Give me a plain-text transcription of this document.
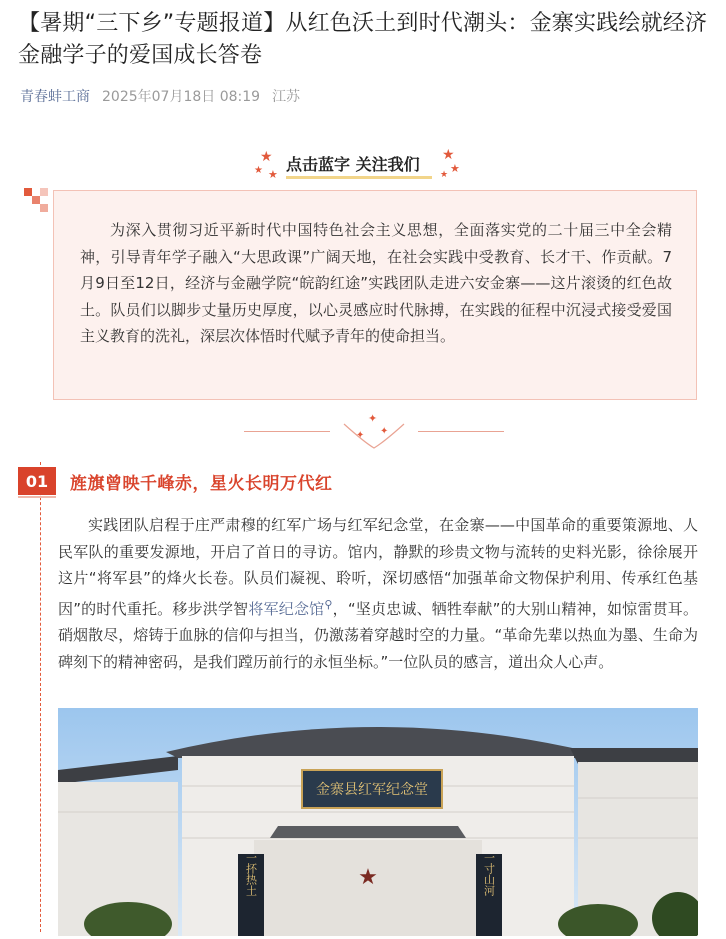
【暑期“三下乡”专题报道】从红色沃土到时代潮头：金寨实践绘就经济金融学子的爱国成长答卷
青春蚌工商 2025年07月18日 08:19 江苏
★
★ ★
点击蓝字 关注我们 ★
★
★

为深入贯彻习近平新时代中国特色社会主义思想，全面落实党的二十届三中全会精神，引导青年学子融入“大思政课”广阔天地，在社会实践中受教育、长才干、作贡献。7月9日至12日，经济与金融学院“皖韵红途”实践团队走进六安金寨——这片滚烫的红色故土。队员们以脚步丈量历史厚度，以心灵感应时代脉搏，在实践的征程中沉浸式接受爱国主义教育的洗礼，深层次体悟时代赋予青年的使命担当。

✦
✦
✦
01	旌旗曾映千峰赤，星火长明万代红

实践团队启程于庄严肃穆的红军广场与红军纪念堂，在金寨——中国革命的重要策源地、人民军队的重要发源地，开启了首日的寻访。馆内，静默的珍贵文物与流转的史料光影，徐徐展开这片“将军县”的烽火长卷。队员们凝视、聆听，深切感悟“加强革命文物保护利用、传承红色基因”的时代重托。移步洪学智将军纪念馆⚲，“坚贞忠诚、牺牲奉献”的大别山精神，如惊雷贯耳。硝烟散尽，熔铸于血脉的信仰与担当，仍激荡着穿越时空的力量。“革命先辈以热血为墨、生命为碑刻下的精神密码，是我们蹚历前行的永恒坐标。”一位队员的感言，道出众人心声。

金寨县红军纪念堂
★
一抔热土	一寸山河
